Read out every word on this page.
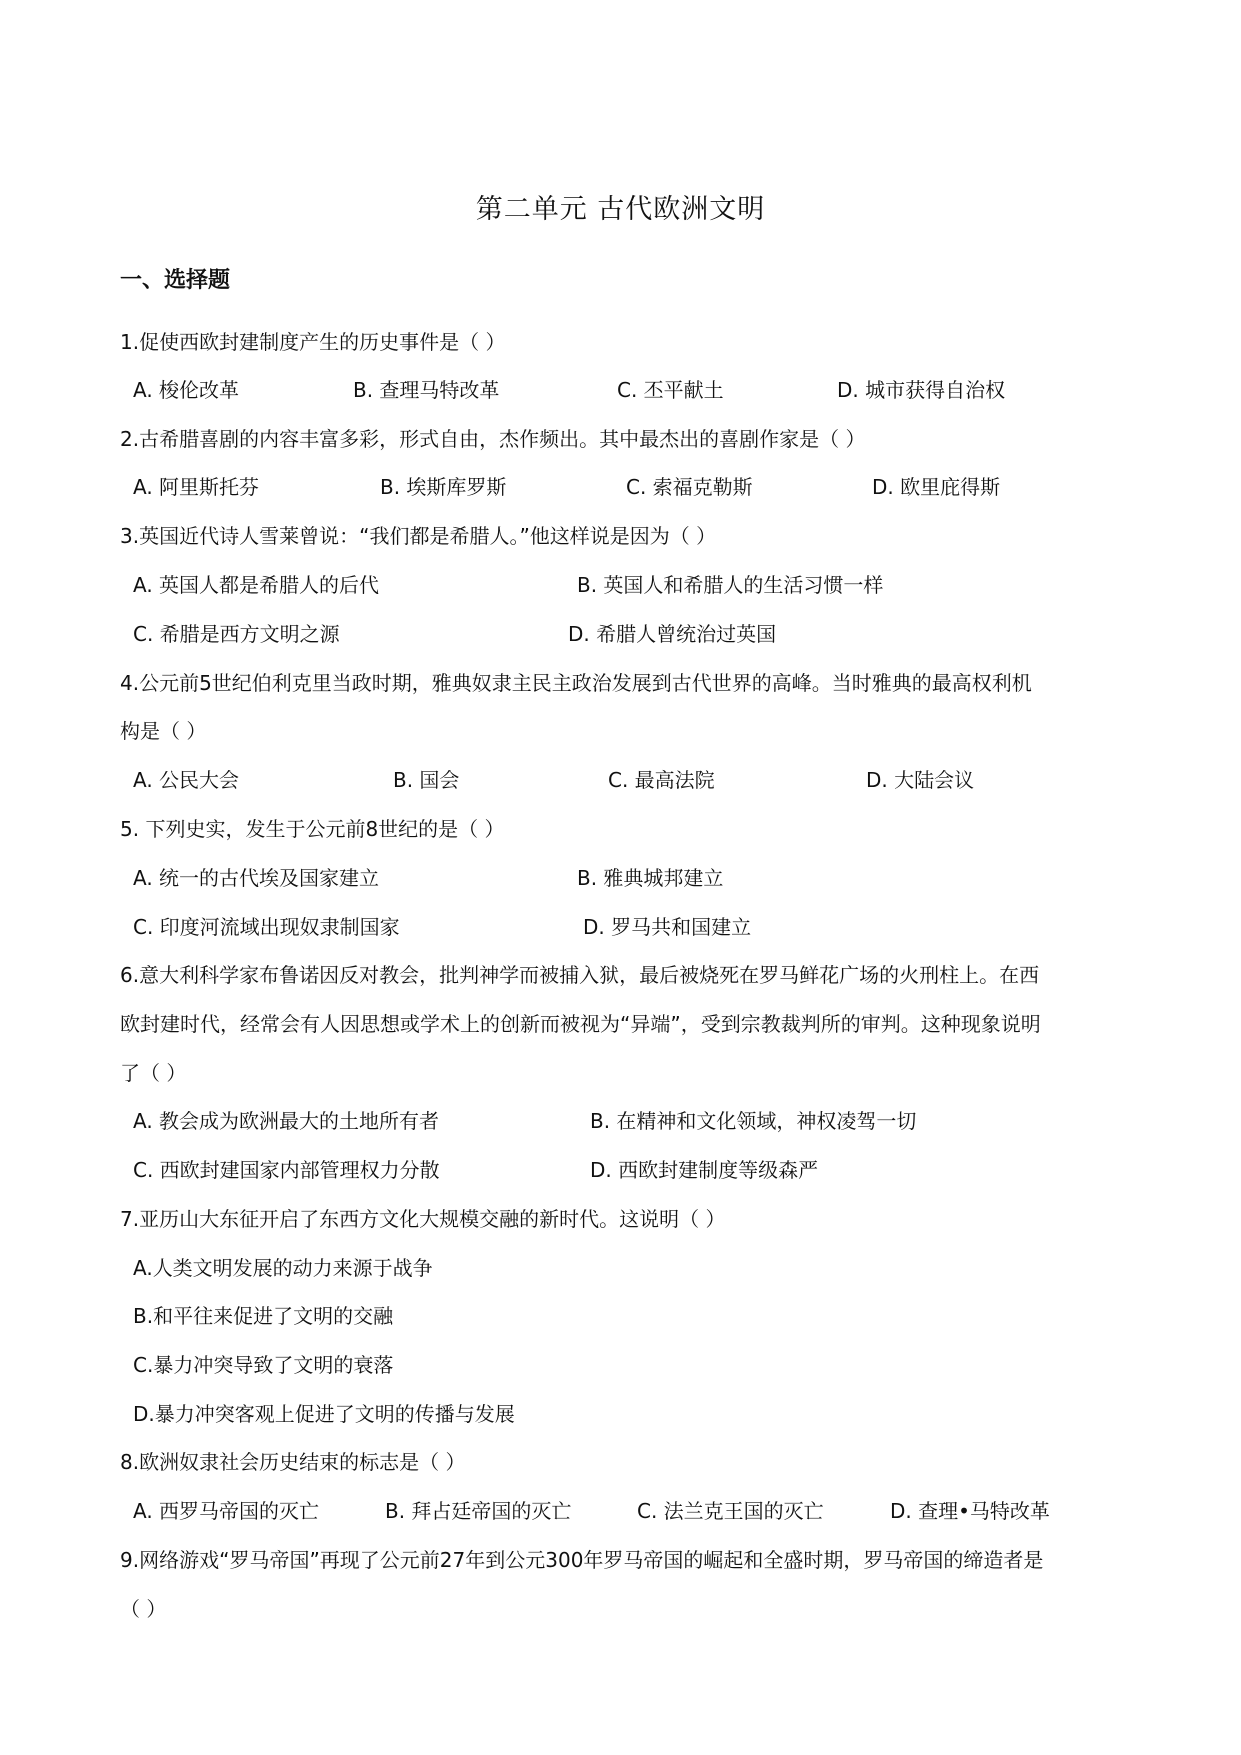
第二单元 古代欧洲文明
一、选择题
1.促使西欧封建制度产生的历史事件是（ ）
A. 梭伦改革	B. 查理马特改革	C. 丕平献土	D. 城市获得自治权
2.古希腊喜剧的内容丰富多彩，形式自由，杰作频出。其中最杰出的喜剧作家是（ ）
A. 阿里斯托芬	B. 埃斯库罗斯	C. 索福克勒斯	D. 欧里庇得斯
3.英国近代诗人雪莱曾说：“我们都是希腊人。”他这样说是因为（ ）
A. 英国人都是希腊人的后代	B. 英国人和希腊人的生活习惯一样
C. 希腊是西方文明之源	D. 希腊人曾统治过英国
4.公元前5世纪伯利克里当政时期，雅典奴隶主民主政治发展到古代世界的高峰。当时雅典的最高权利机
构是（ ）
A. 公民大会	B. 国会	C. 最高法院	D. 大陆会议
5. 下列史实，发生于公元前8世纪的是（ ）
A. 统一的古代埃及国家建立	B. 雅典城邦建立
C. 印度河流域出现奴隶制国家	D. 罗马共和国建立
6.意大利科学家布鲁诺因反对教会，批判神学而被捕入狱，最后被烧死在罗马鲜花广场的火刑柱上。在西
欧封建时代，经常会有人因思想或学术上的创新而被视为“异端”，受到宗教裁判所的审判。这种现象说明
了（ ）
A. 教会成为欧洲最大的土地所有者	B. 在精神和文化领域，神权凌驾一切
C. 西欧封建国家内部管理权力分散	D. 西欧封建制度等级森严
7.亚历山大东征开启了东西方文化大规模交融的新时代。这说明（ ）
A.人类文明发展的动力来源于战争
B.和平往来促进了文明的交融
C.暴力冲突导致了文明的衰落
D.暴力冲突客观上促进了文明的传播与发展
8.欧洲奴隶社会历史结束的标志是（ ）
A. 西罗马帝国的灭亡	B. 拜占廷帝国的灭亡	C. 法兰克王国的灭亡	D. 查理•马特改革
9.网络游戏“罗马帝国”再现了公元前27年到公元300年罗马帝国的崛起和全盛时期，罗马帝国的缔造者是
（ ）
